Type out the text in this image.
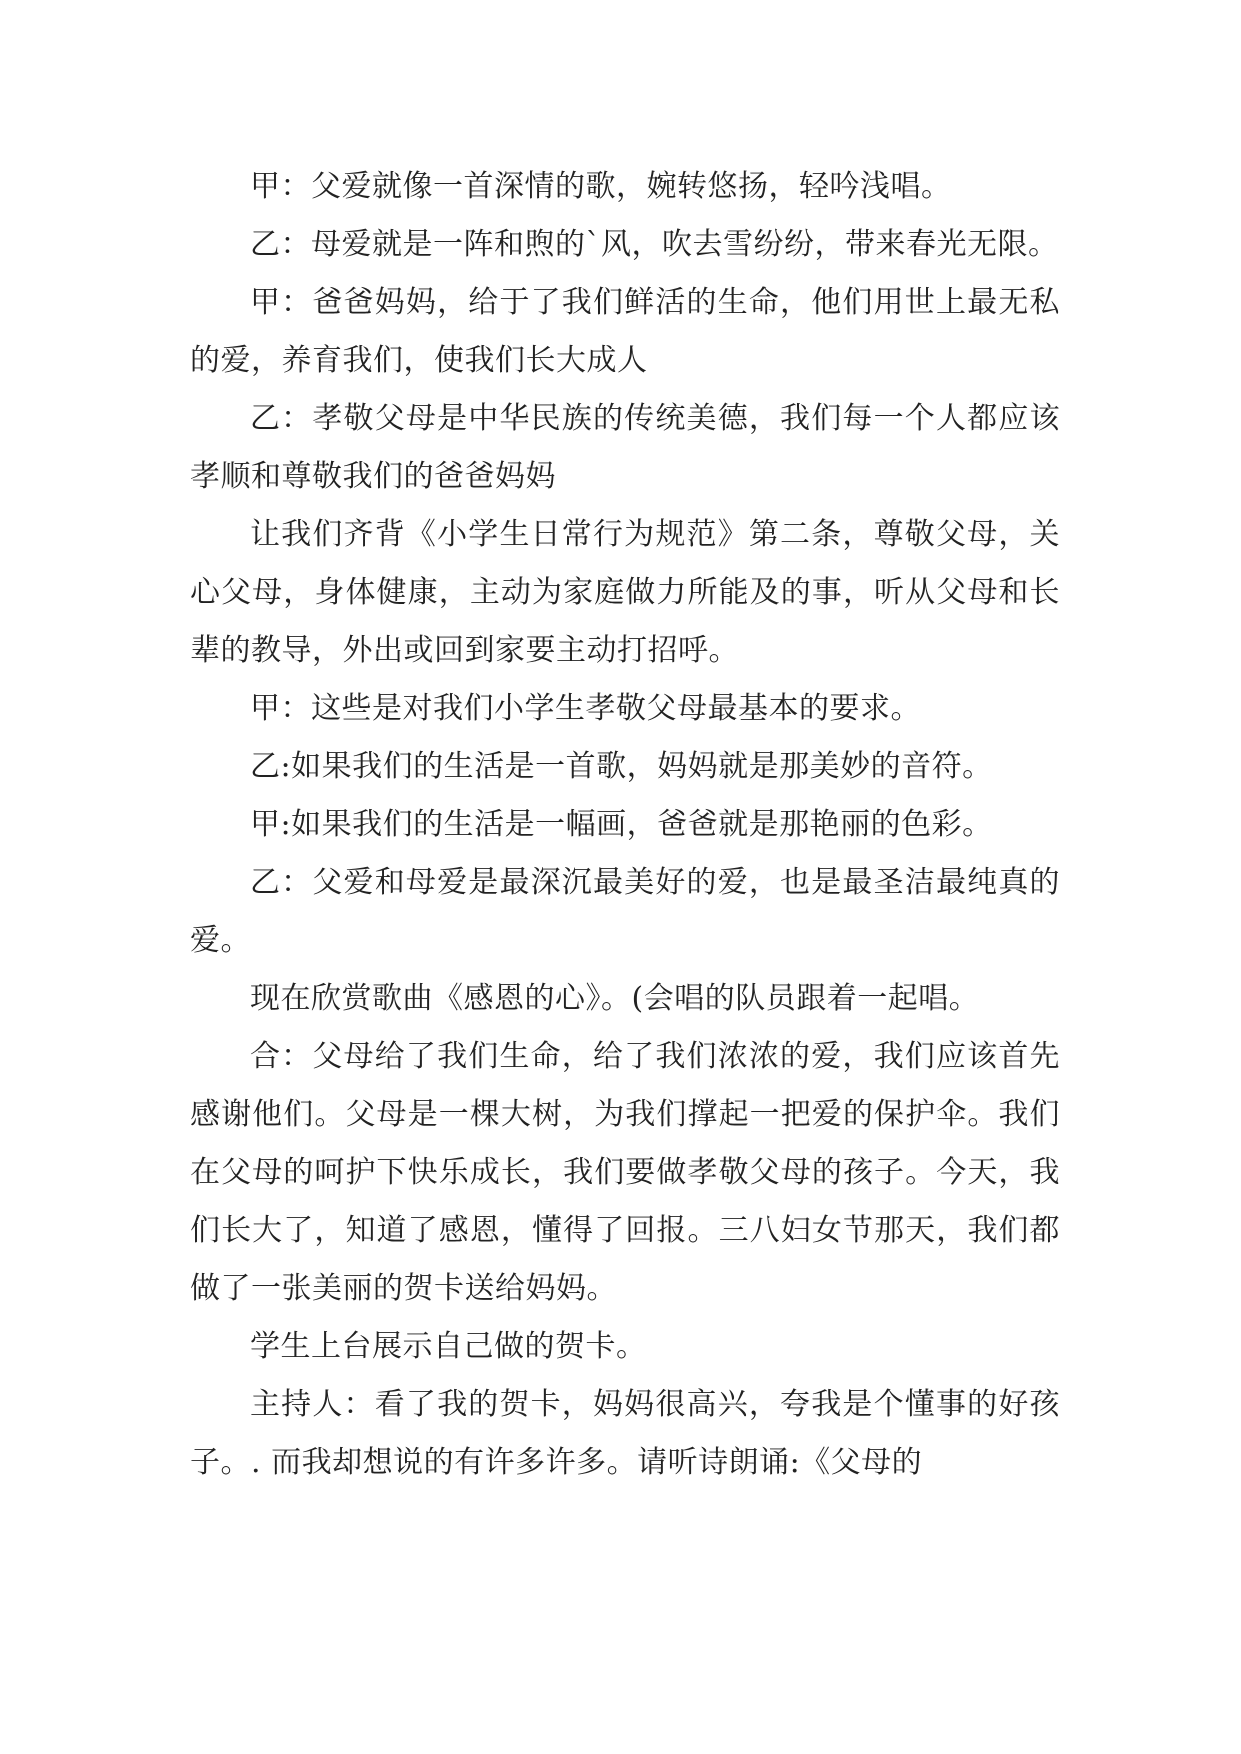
甲：父爱就像一首深情的歌，婉转悠扬，轻吟浅唱。

乙：母爱就是一阵和煦的`风，吹去雪纷纷，带来春光无限。

甲：爸爸妈妈，给于了我们鲜活的生命，他们用世上最无私的爱，养育我们，使我们长大成人

乙：孝敬父母是中华民族的传统美德，我们每一个人都应该孝顺和尊敬我们的爸爸妈妈

让我们齐背《小学生日常行为规范》第二条，尊敬父母，关心父母，身体健康，主动为家庭做力所能及的事，听从父母和长辈的教导，外出或回到家要主动打招呼。

甲：这些是对我们小学生孝敬父母最基本的要求。

乙:如果我们的生活是一首歌，妈妈就是那美妙的音符。

甲:如果我们的生活是一幅画，爸爸就是那艳丽的色彩。

乙：父爱和母爱是最深沉最美好的爱，也是最圣洁最纯真的爱。

现在欣赏歌曲《感恩的心》。(会唱的队员跟着一起唱。

合：父母给了我们生命，给了我们浓浓的爱，我们应该首先感谢他们。父母是一棵大树，为我们撑起一把爱的保护伞。我们在父母的呵护下快乐成长，我们要做孝敬父母的孩子。今天，我们长大了，知道了感恩，懂得了回报。三八妇女节那天，我们都做了一张美丽的贺卡送给妈妈。

学生上台展示自己做的贺卡。

主持人：看了我的贺卡，妈妈很高兴，夸我是个懂事的好孩子。. 而我却想说的有许多许多。请听诗朗诵:《父母的
